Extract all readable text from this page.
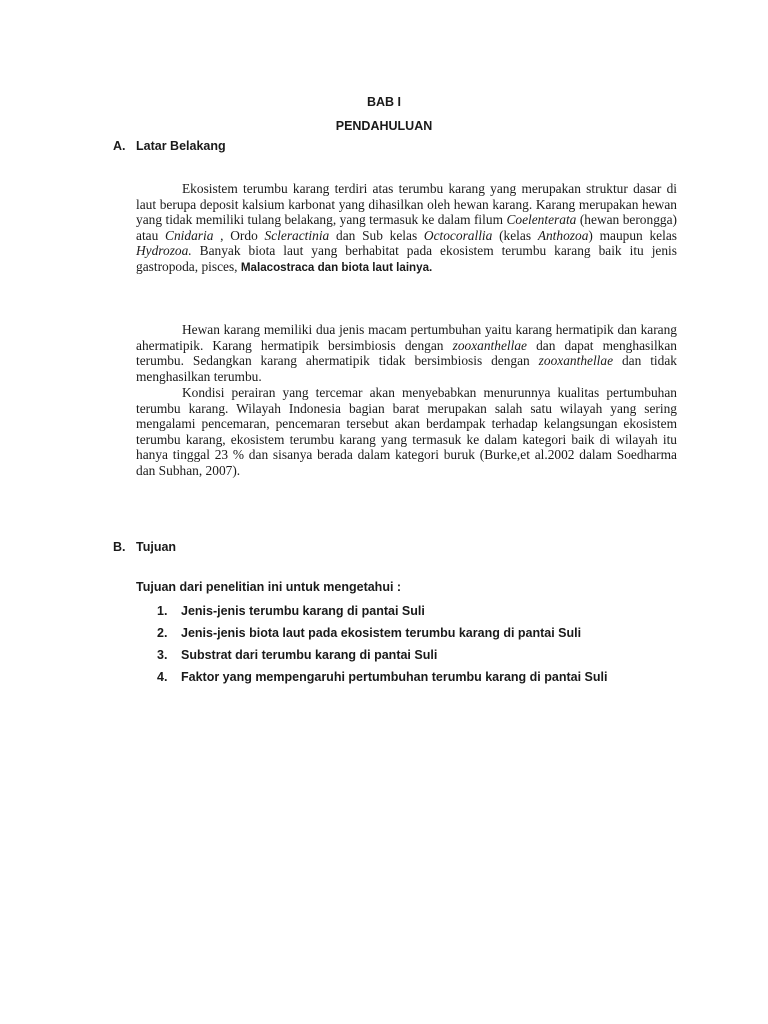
BAB I
PENDAHULUAN
A. Latar Belakang

Ekosistem terumbu karang terdiri atas terumbu karang yang merupakan struktur dasar di laut berupa deposit kalsium karbonat yang dihasilkan oleh hewan karang. Karang merupakan hewan yang tidak memiliki tulang belakang, yang termasuk ke dalam filum Coelenterata (hewan berongga) atau Cnidaria , Ordo Scleractinia dan Sub kelas Octocorallia (kelas Anthozoa) maupun kelas Hydrozoa. Banyak biota laut yang berhabitat pada ekosistem terumbu karang baik itu jenis gastropoda, pisces, Malacostraca dan biota laut lainya.

Hewan karang memiliki dua jenis macam pertumbuhan yaitu karang hermatipik dan karang ahermatipik. Karang hermatipik bersimbiosis dengan zooxanthellae dan dapat menghasilkan terumbu. Sedangkan karang ahermatipik tidak bersimbiosis dengan zooxanthellae dan tidak menghasilkan terumbu.

Kondisi perairan yang tercemar akan menyebabkan menurunnya kualitas pertumbuhan terumbu karang. Wilayah Indonesia bagian barat merupakan salah satu wilayah yang sering mengalami pencemaran, pencemaran tersebut akan berdampak terhadap kelangsungan ekosistem terumbu karang, ekosistem terumbu karang yang termasuk ke dalam kategori baik di wilayah itu hanya tinggal 23 % dan sisanya berada dalam kategori buruk (Burke,et al.2002 dalam Soedharma dan Subhan, 2007).

B. Tujuan
Tujuan dari penelitian ini untuk mengetahui :
1.	Jenis-jenis terumbu karang di pantai Suli
2.	Jenis-jenis biota laut pada ekosistem terumbu karang di pantai Suli
3.	Substrat dari terumbu karang di pantai Suli
4.	Faktor yang mempengaruhi pertumbuhan terumbu karang di pantai Suli
